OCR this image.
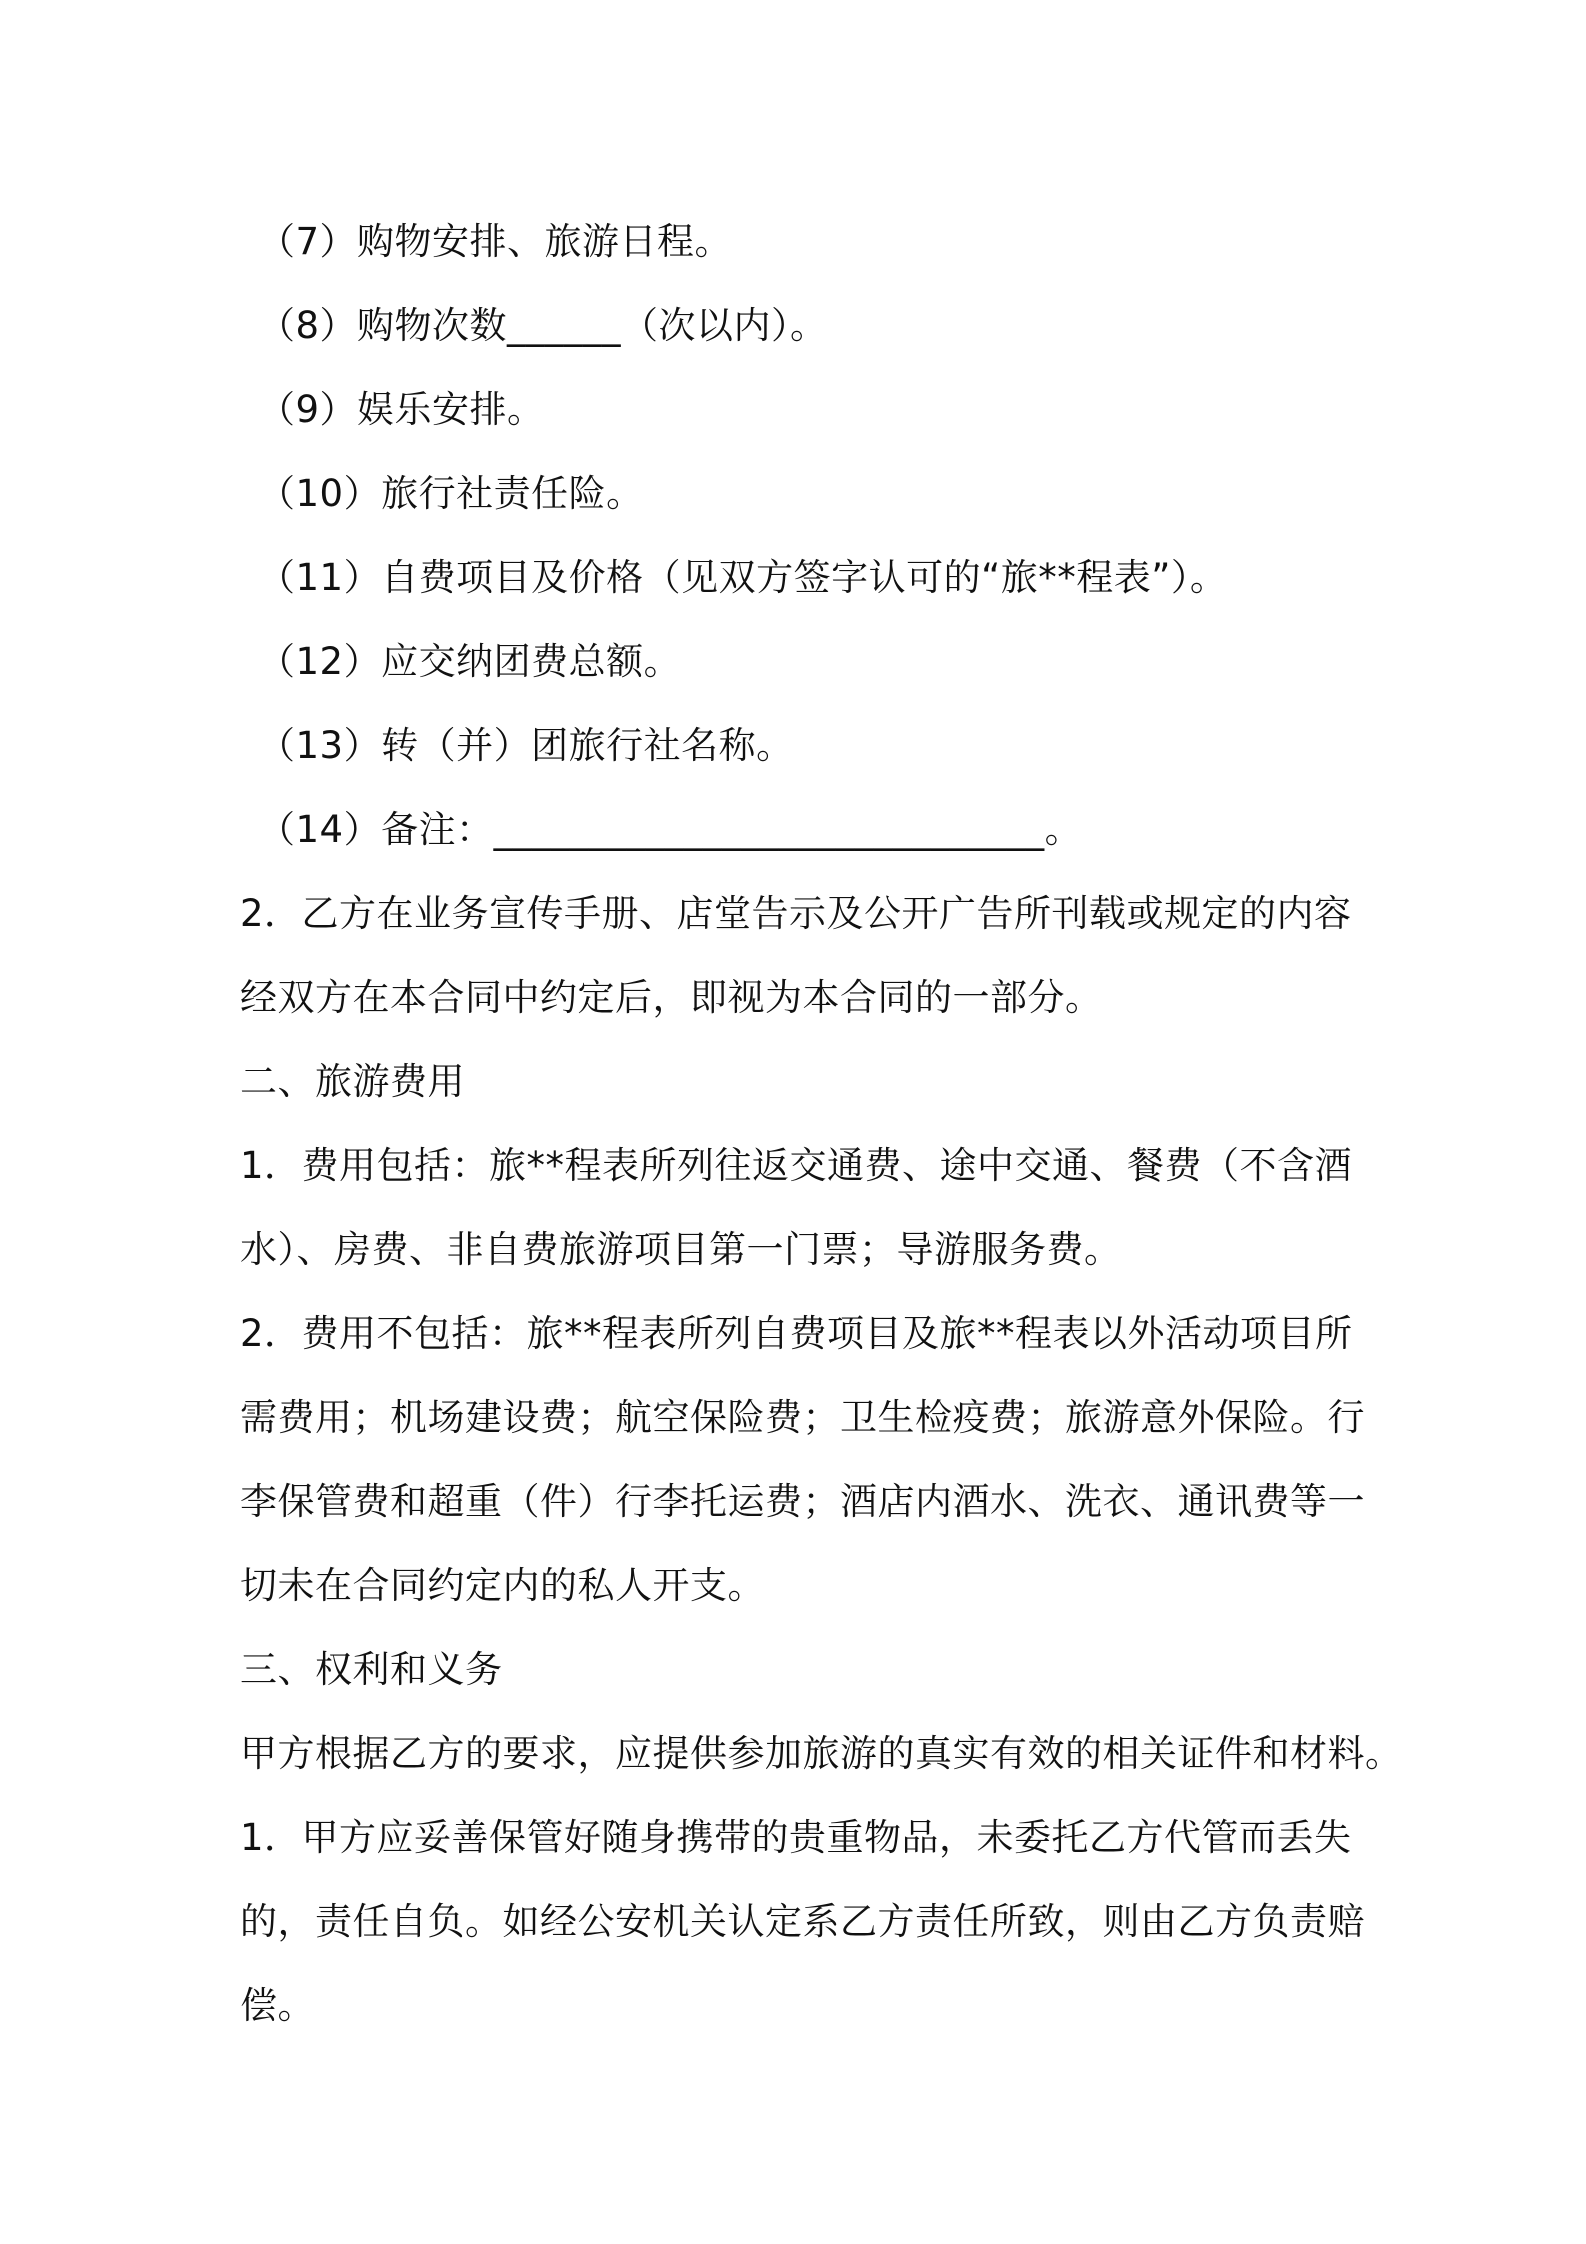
（7）购物安排、旅游日程。
（8）购物次数______（次以内）。
（9）娱乐安排。
（10）旅行社责任险。
（11）自费项目及价格（见双方签字认可的“旅**程表”）。
（12）应交纳团费总额。
（13）转（并）团旅行社名称。
（14）备注：_____________________________。
2．乙方在业务宣传手册、店堂告示及公开广告所刊载或规定的内容
经双方在本合同中约定后，即视为本合同的一部分。
二、旅游费用
1．费用包括：旅**程表所列往返交通费、途中交通、餐费（不含酒
水）、房费、非自费旅游项目第一门票；导游服务费。
2．费用不包括：旅**程表所列自费项目及旅**程表以外活动项目所
需费用；机场建设费；航空保险费；卫生检疫费；旅游意外保险。行
李保管费和超重（件）行李托运费；酒店内酒水、洗衣、通讯费等一
切未在合同约定内的私人开支。
三、权利和义务
甲方根据乙方的要求，应提供参加旅游的真实有效的相关证件和材料。
1．甲方应妥善保管好随身携带的贵重物品，未委托乙方代管而丢失
的，责任自负。如经公安机关认定系乙方责任所致，则由乙方负责赔
偿。
